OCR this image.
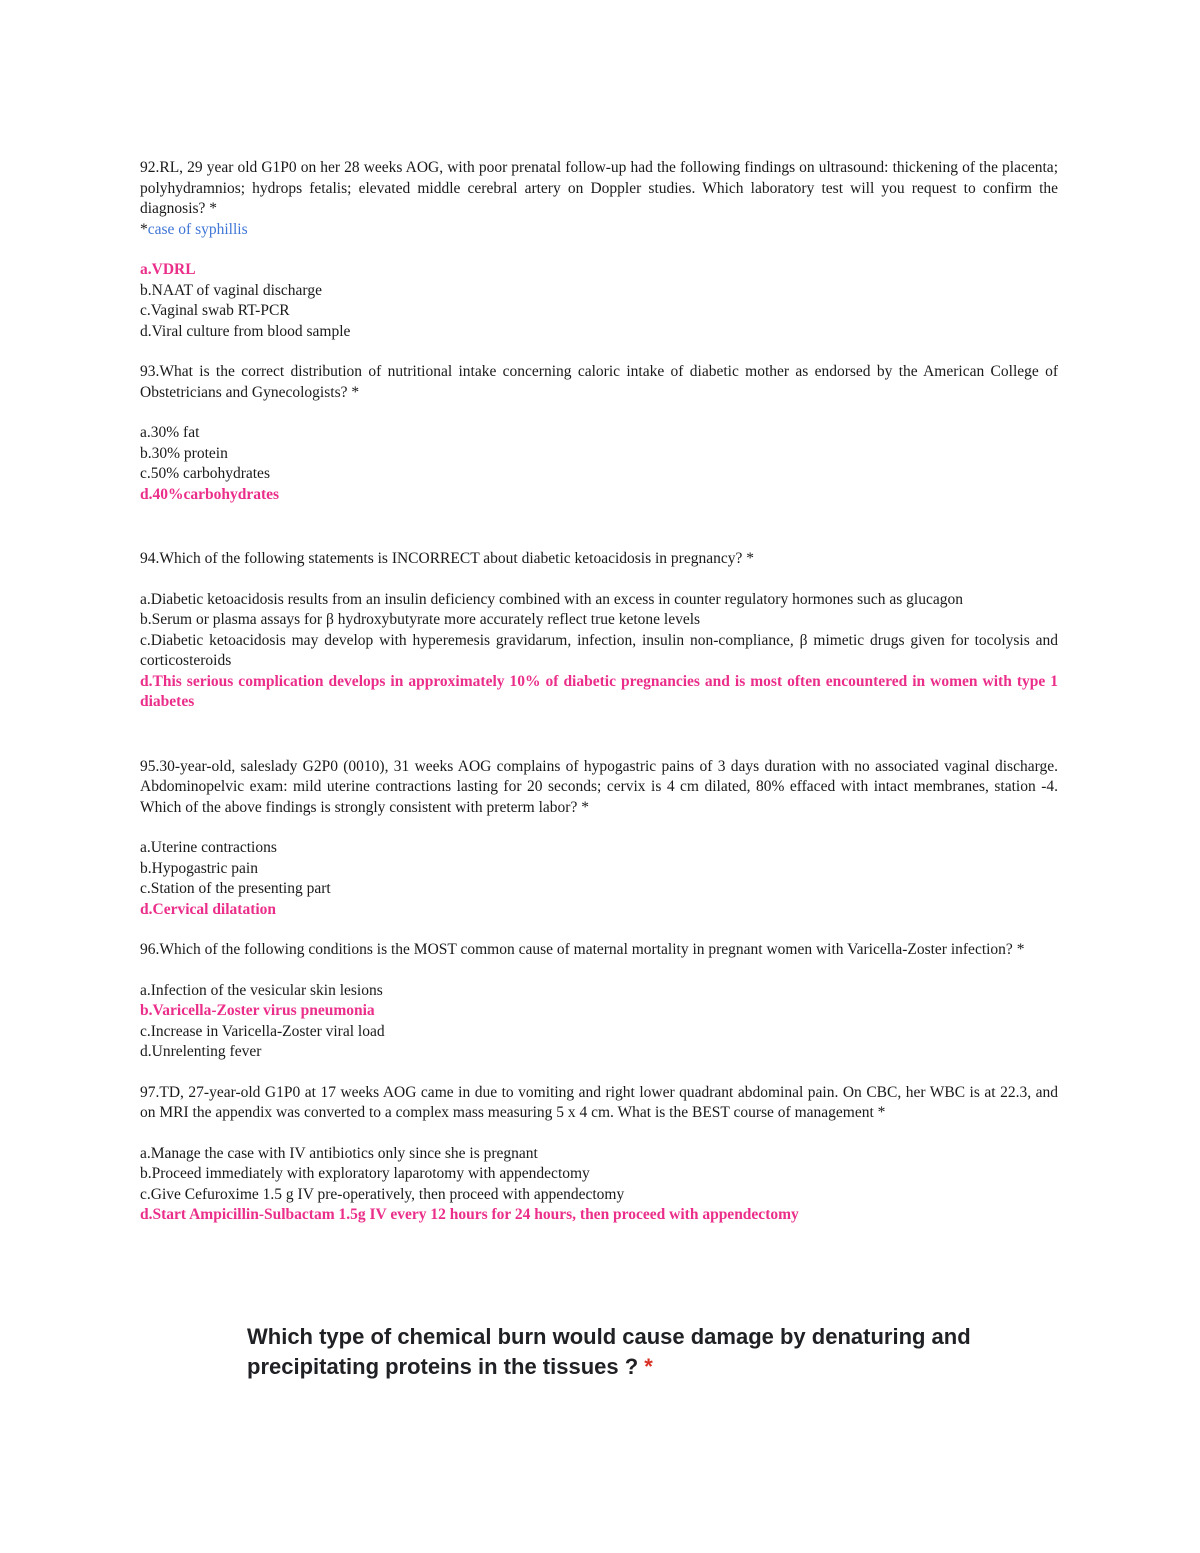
92.RL, 29 year old G1P0 on her 28 weeks AOG, with poor prenatal follow-up had the following findings on ultrasound: thickening of the placenta; polyhydramnios; hydrops fetalis; elevated middle cerebral artery on Doppler studies. Which laboratory test will you request to confirm the diagnosis? *

*case of syphillis

a.VDRL

b.NAAT of vaginal discharge

c.Vaginal swab RT-PCR

d.Viral culture from blood sample

93.What is the correct distribution of nutritional intake concerning caloric intake of diabetic mother as endorsed by the American College of Obstetricians and Gynecologists? *

a.30% fat

b.30% protein

c.50% carbohydrates

d.40%carbohydrates

94.Which of the following statements is INCORRECT about diabetic ketoacidosis in pregnancy? *

a.Diabetic ketoacidosis results from an insulin deficiency combined with an excess in counter regulatory hormones such as glucagon

b.Serum or plasma assays for β hydroxybutyrate more accurately reflect true ketone levels

c.Diabetic ketoacidosis may develop with hyperemesis gravidarum, infection, insulin non-compliance, β mimetic drugs given for tocolysis and corticosteroids

d.This serious complication develops in approximately 10% of diabetic pregnancies and is most often encountered in women with type 1 diabetes

95.30-year-old, saleslady G2P0 (0010), 31 weeks AOG complains of hypogastric pains of 3 days duration with no associated vaginal discharge. Abdominopelvic exam: mild uterine contractions lasting for 20 seconds; cervix is 4 cm dilated, 80% effaced with intact membranes, station -4. Which of the above findings is strongly consistent with preterm labor? *

a.Uterine contractions

b.Hypogastric pain

c.Station of the presenting part

d.Cervical dilatation

96.Which of the following conditions is the MOST common cause of maternal mortality in pregnant women with Varicella-Zoster infection? *

a.Infection of the vesicular skin lesions

b.Varicella-Zoster virus pneumonia

c.Increase in Varicella-Zoster viral load

d.Unrelenting fever

97.TD, 27-year-old G1P0 at 17 weeks AOG came in due to vomiting and right lower quadrant abdominal pain. On CBC, her WBC is at 22.3, and on MRI the appendix was converted to a complex mass measuring 5 x 4 cm. What is the BEST course of management *

a.Manage the case with IV antibiotics only since she is pregnant

b.Proceed immediately with exploratory laparotomy with appendectomy

c.Give Cefuroxime 1.5 g IV pre-operatively, then proceed with appendectomy

d.Start Ampicillin-Sulbactam 1.5g IV every 12 hours for 24 hours, then proceed with appendectomy

Which type of chemical burn would cause damage by denaturing and precipitating proteins in the tissues ? *
